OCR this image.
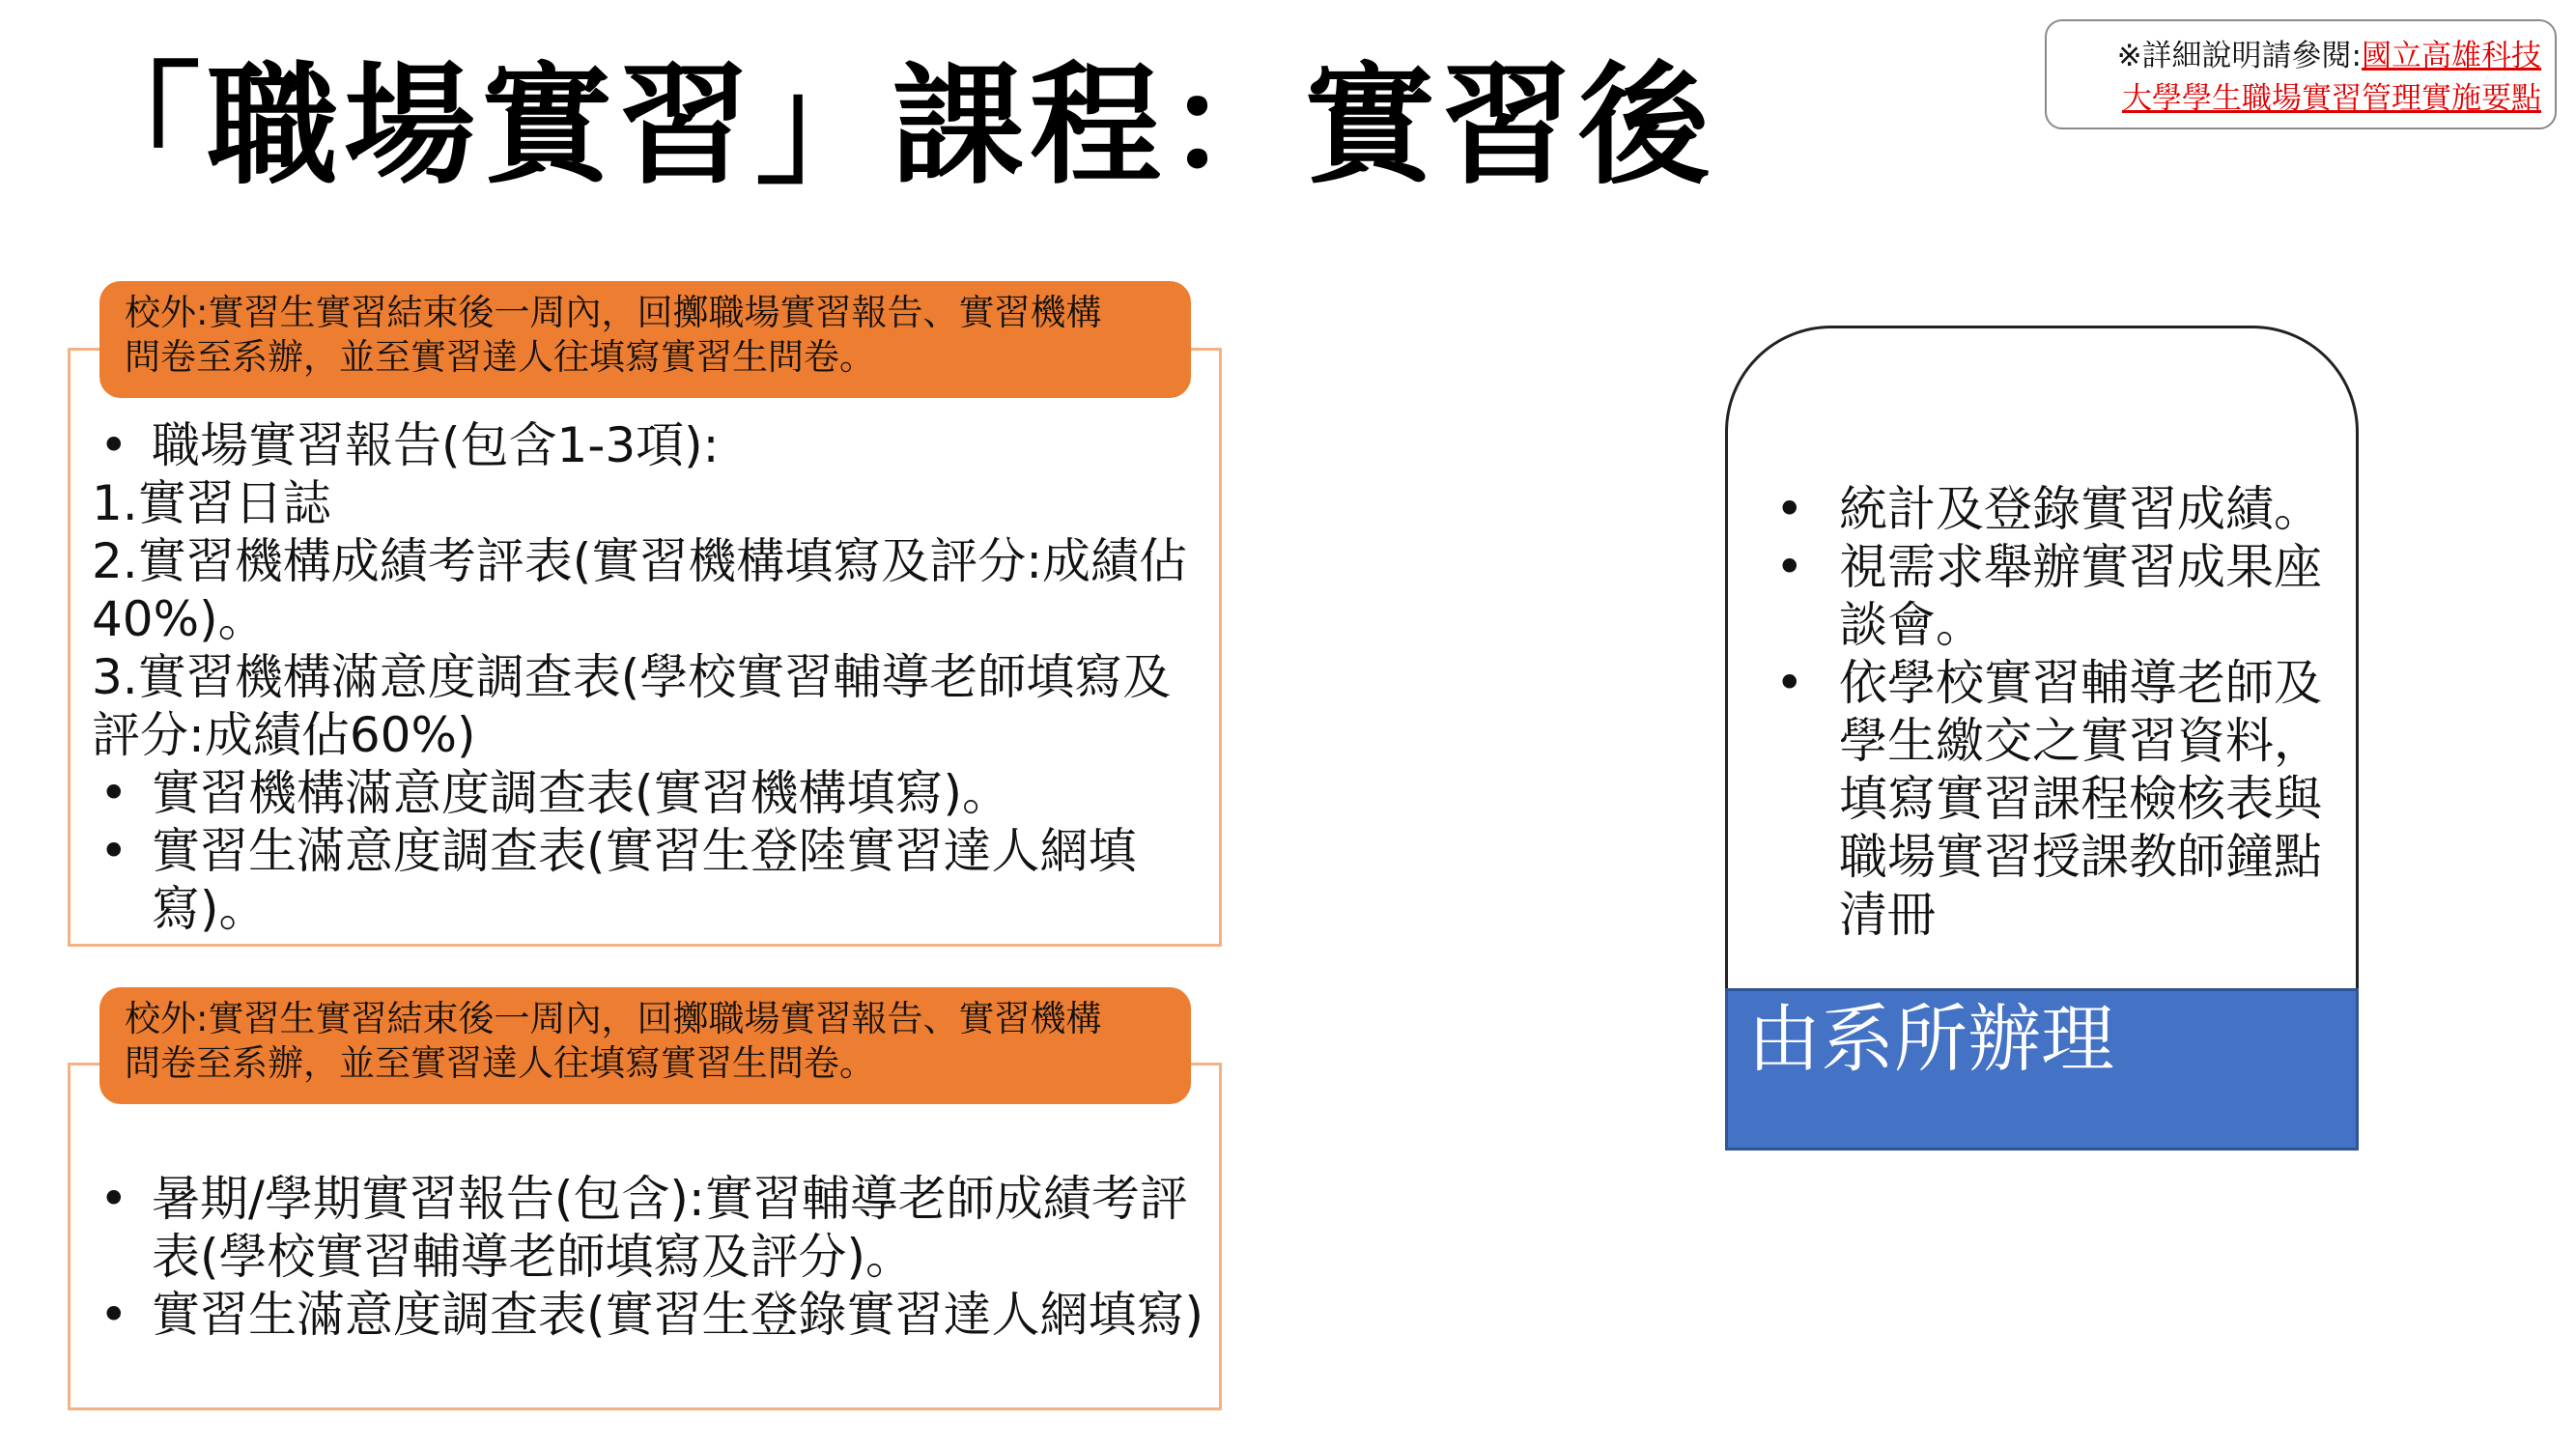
「職場實習」課程：實習後	※詳細說明請參閱:國立高雄科技
大學學生職場實習管理實施要點

• 職場實習報告(包含1-3項):

1.實習日誌

2.實習機構成績考評表(實習機構填寫及評分:成績佔40%)。

3.實習機構滿意度調查表(學校實習輔導老師填寫及評分:成績佔60%)

• 實習機構滿意度調查表(實習機構填寫)。

• 實習生滿意度調查表(實習生登陸實習達人網填寫)。

校外:實習生實習結束後一周內，回擲職場實習報告、實習機構
問卷至系辦，並至實習達人往填寫實習生問卷。

• 暑期/學期實習報告(包含):實習輔導老師成績考評表(學校實習輔導老師填寫及評分)。

• 實習生滿意度調查表(實習生登錄實習達人網填寫)

校外:實習生實習結束後一周內，回擲職場實習報告、實習機構
問卷至系辦，並至實習達人往填寫實習生問卷。

• 統計及登錄實習成績。

• 視需求舉辦實習成果座談會。

• 依學校實習輔導老師及學生繳交之實習資料，填寫實習課程檢核表與職場實習授課教師鐘點清冊

由系所辦理
